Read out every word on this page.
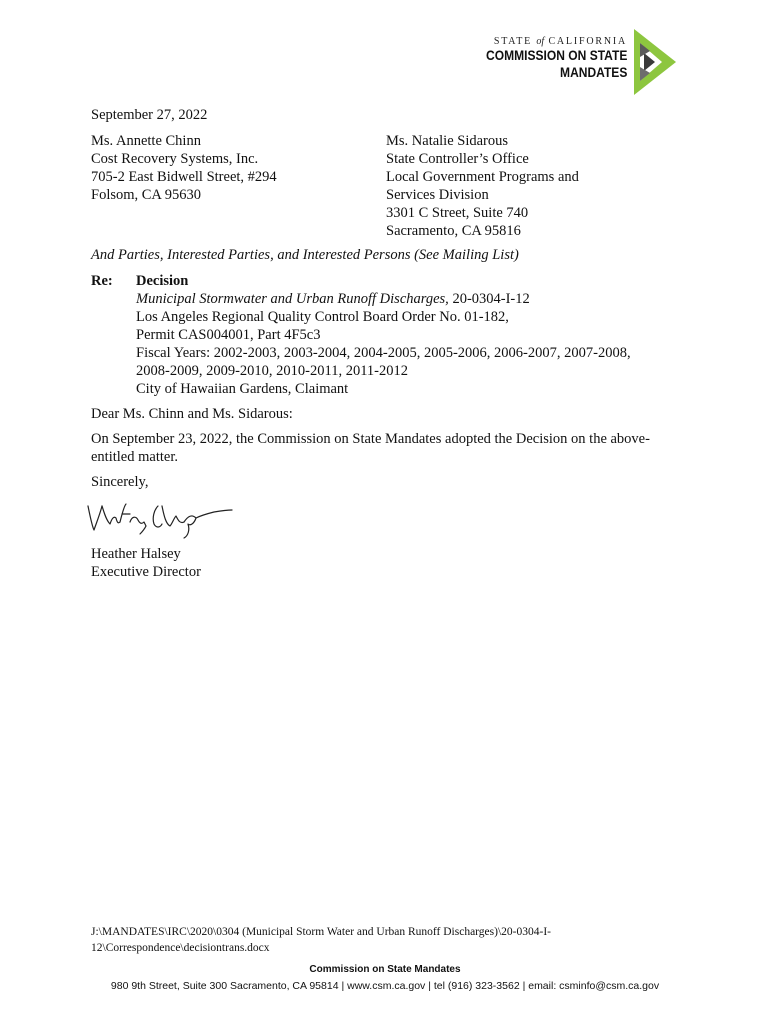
STATE of CALIFORNIA
COMMISSION ON STATE
MANDATES
September 27, 2022
Ms. Annette Chinn
Cost Recovery Systems, Inc.
705-2 East Bidwell Street, #294
Folsom, CA 95630
Ms. Natalie Sidarous
State Controller’s Office
Local Government Programs and
Services Division
3301 C Street, Suite 740
Sacramento, CA 95816
And Parties, Interested Parties, and Interested Persons (See Mailing List)
Re: Decision
Municipal Stormwater and Urban Runoff Discharges, 20-0304-I-12
Los Angeles Regional Quality Control Board Order No. 01-182,
Permit CAS004001, Part 4F5c3
Fiscal Years: 2002-2003, 2003-2004, 2004-2005, 2005-2006, 2006-2007, 2007-2008,
2008-2009, 2009-2010, 2010-2011, 2011-2012
City of Hawaiian Gardens, Claimant
Dear Ms. Chinn and Ms. Sidarous:
On September 23, 2022, the Commission on State Mandates adopted the Decision on the above-entitled matter.
Sincerely,
Heather Halsey
Executive Director
J:\MANDATES\IRC\2020\0304 (Municipal Storm Water and Urban Runoff Discharges)\20-0304-I-
12\Correspondence\decisiontrans.docx
Commission on State Mandates
980 9th Street, Suite 300 Sacramento, CA 95814 | www.csm.ca.gov | tel (916) 323-3562 | email: csminfo@csm.ca.gov
